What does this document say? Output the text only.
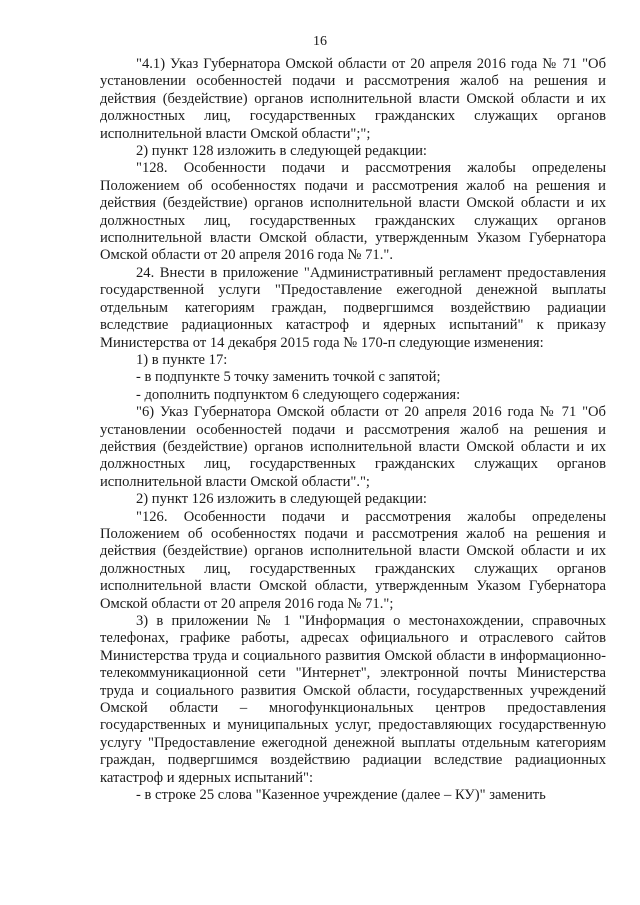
16

"4.1) Указ Губернатора Омской области от 20 апреля 2016 года № 71 "Об установлении особенностей подачи и рассмотрения жалоб на решения и действия (бездействие) органов исполнительной власти Омской области и их должностных лиц, государственных гражданских служащих органов исполнительной власти Омской области";";

2) пункт 128 изложить в следующей редакции:

"128. Особенности подачи и рассмотрения жалобы определены Положением об особенностях подачи и рассмотрения жалоб на решения и действия (бездействие) органов исполнительной власти Омской области и их должностных лиц, государственных гражданских служащих органов исполнительной власти Омской области, утвержденным Указом Губернатора Омской области от 20 апреля 2016 года № 71.".

24. Внести в приложение "Административный регламент предоставления государственной услуги "Предоставление ежегодной денежной выплаты отдельным категориям граждан, подвергшимся воздействию радиации вследствие радиационных катастроф и ядерных испытаний" к приказу Министерства от 14 декабря 2015 года № 170-п следующие изменения:

1) в пункте 17:

- в подпункте 5 точку заменить точкой с запятой;

- дополнить подпунктом 6 следующего содержания:

"6) Указ Губернатора Омской области от 20 апреля 2016 года № 71 "Об установлении особенностей подачи и рассмотрения жалоб на решения и действия (бездействие) органов исполнительной власти Омской области и их должностных лиц, государственных гражданских служащих органов исполнительной власти Омской области".";

2) пункт 126 изложить в следующей редакции:

"126. Особенности подачи и рассмотрения жалобы определены Положением об особенностях подачи и рассмотрения жалоб на решения и действия (бездействие) органов исполнительной власти Омской области и их должностных лиц, государственных гражданских служащих органов исполнительной власти Омской области, утвержденным Указом Губернатора Омской области от 20 апреля 2016 года № 71.";

3) в приложении № 1 "Информация о местонахождении, справочных телефонах, графике работы, адресах официального и отраслевого сайтов Министерства труда и социального развития Омской области в информационно-телекоммуникационной сети "Интернет", электронной почты Министерства труда и социального развития Омской области, государственных учреждений Омской области – многофункциональных центров предоставления государственных и муниципальных услуг, предоставляющих государственную услугу "Предоставление ежегодной денежной выплаты отдельным категориям граждан, подвергшимся воздействию радиации вследствие радиационных катастроф и ядерных испытаний":

- в строке 25 слова "Казенное учреждение (далее – КУ)" заменить
